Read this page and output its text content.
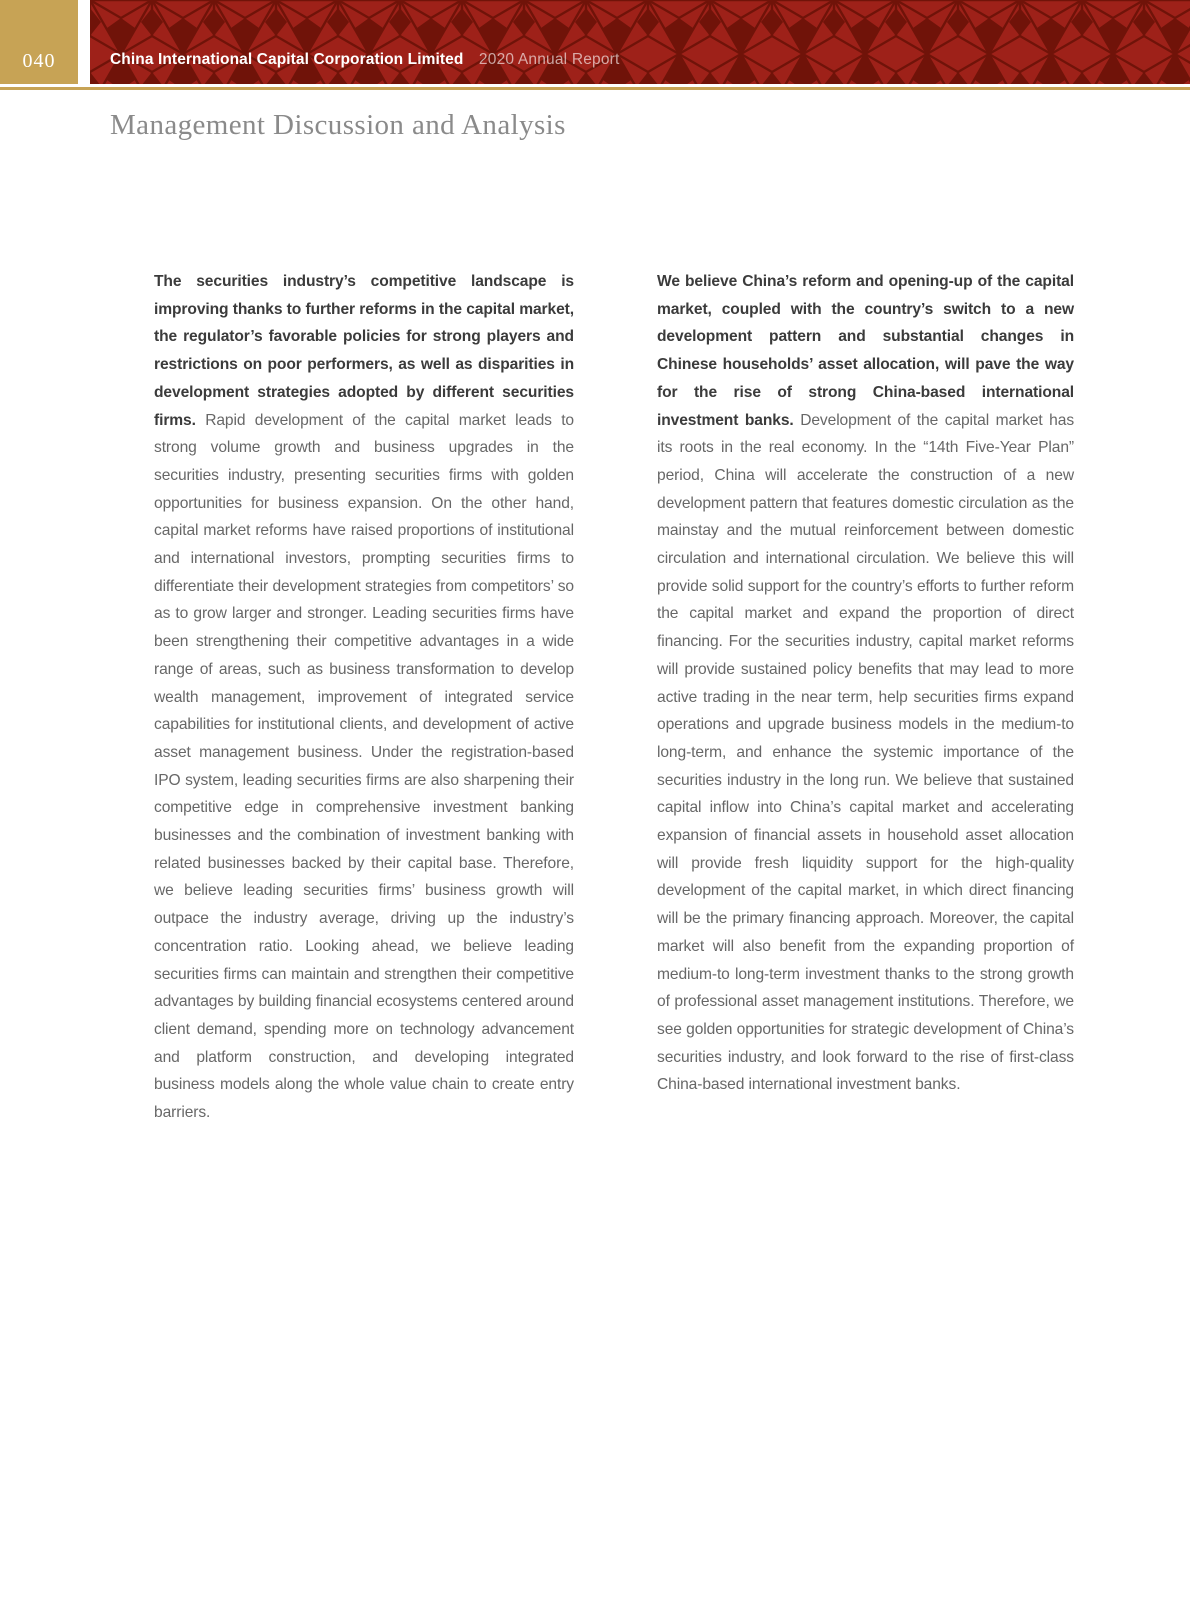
040	China International Capital Corporation Limited 2020 Annual Report
Management Discussion and Analysis

The securities industry’s competitive landscape is improving thanks to further reforms in the capital market, the regulator’s favorable policies for strong players and restrictions on poor performers, as well as disparities in development strategies adopted by different securities firms. Rapid development of the capital market leads to strong volume growth and business upgrades in the securities industry, presenting securities firms with golden opportunities for business expansion. On the other hand, capital market reforms have raised proportions of institutional and international investors, prompting securities firms to differentiate their development strategies from competitors’ so as to grow larger and stronger. Leading securities firms have been strengthening their competitive advantages in a wide range of areas, such as business transformation to develop wealth management, improvement of integrated service capabilities for institutional clients, and development of active asset management business. Under the registration-based IPO system, leading securities firms are also sharpening their competitive edge in comprehensive investment banking businesses and the combination of investment banking with related businesses backed by their capital base. Therefore, we believe leading securities firms’ business growth will outpace the industry average, driving up the industry’s concentration ratio. Looking ahead, we believe leading securities firms can maintain and strengthen their competitive advantages by building financial ecosystems centered around client demand, spending more on technology advancement and platform construction, and developing integrated business models along the whole value chain to create entry barriers.

We believe China’s reform and opening-up of the capital market, coupled with the country’s switch to a new development pattern and substantial changes in Chinese households’ asset allocation, will pave the way for the rise of strong China-based international investment banks. Development of the capital market has its roots in the real economy. In the “14th Five-Year Plan” period, China will accelerate the construction of a new development pattern that features domestic circulation as the mainstay and the mutual reinforcement between domestic circulation and international circulation. We believe this will provide solid support for the country’s efforts to further reform the capital market and expand the proportion of direct financing. For the securities industry, capital market reforms will provide sustained policy benefits that may lead to more active trading in the near term, help securities firms expand operations and upgrade business models in the medium-to long-term, and enhance the systemic importance of the securities industry in the long run. We believe that sustained capital inflow into China’s capital market and accelerating expansion of financial assets in household asset allocation will provide fresh liquidity support for the high-quality development of the capital market, in which direct financing will be the primary financing approach. Moreover, the capital market will also benefit from the expanding proportion of medium-to long-term investment thanks to the strong growth of professional asset management institutions. Therefore, we see golden opportunities for strategic development of China’s securities industry, and look forward to the rise of first-class China-based international investment banks.
